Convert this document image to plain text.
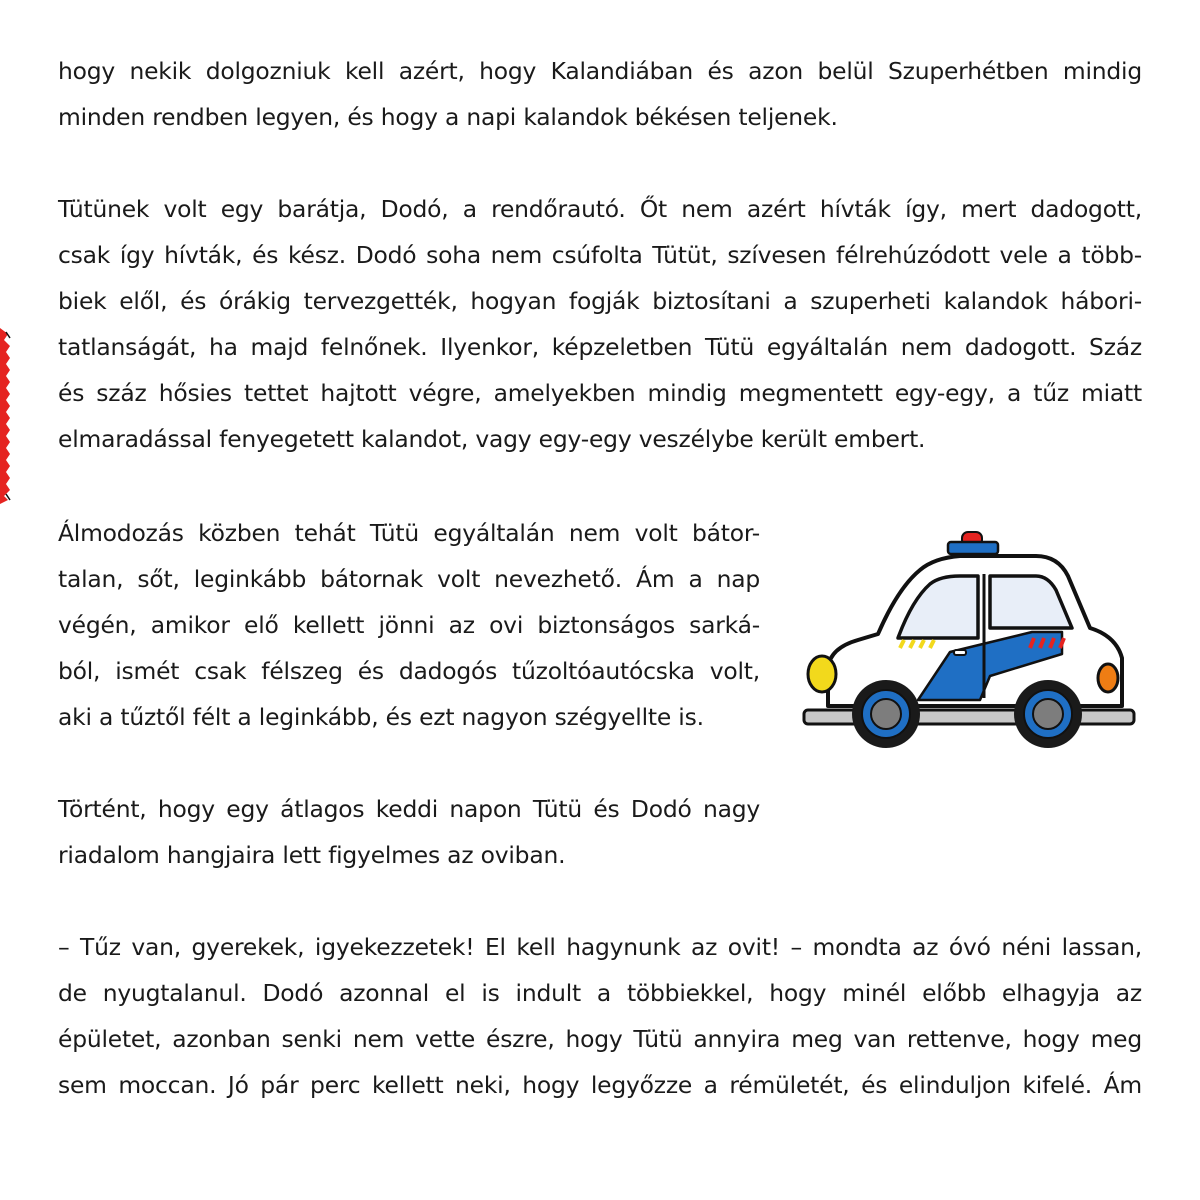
hogy nekik dolgozniuk kell azért, hogy Kalandiában és azon belül Szuperhétben mindig
minden rendben legyen, és hogy a napi kalandok békésen teljenek.

Tütünek volt egy barátja, Dodó, a rendőrautó. Őt nem azért hívták így, mert dadogott,
csak így hívták, és kész. Dodó soha nem csúfolta Tütüt, szívesen félrehúzódott vele a több-
biek elől, és órákig tervezgették, hogyan fogják biztosítani a szuperheti kalandok hábori-
tatlanságát, ha majd felnőnek. Ilyenkor, képzeletben Tütü egyáltalán nem dadogott. Száz
és száz hősies tettet hajtott végre, amelyekben mindig megmentett egy-egy, a tűz miatt
elmaradással fenyegetett kalandot, vagy egy-egy veszélybe került embert.

Álmodozás közben tehát Tütü egyáltalán nem volt bátor-
talan, sőt, leginkább bátornak volt nevezhető. Ám a nap
végén, amikor elő kellett jönni az ovi biztonságos sarká-
ból, ismét csak félszeg és dadogós tűzoltóautócska volt,
aki a tűztől félt a leginkább, és ezt nagyon szégyellte is.

Történt, hogy egy átlagos keddi napon Tütü és Dodó nagy
riadalom hangjaira lett figyelmes az oviban.

– Tűz van, gyerekek, igyekezzetek! El kell hagynunk az ovit! – mondta az óvó néni lassan,
de nyugtalanul. Dodó azonnal el is indult a többiekkel, hogy minél előbb elhagyja az
épületet, azonban senki nem vette észre, hogy Tütü annyira meg van rettenve, hogy meg
sem moccan. Jó pár perc kellett neki, hogy legyőzze a rémületét, és elinduljon kifelé. Ám
